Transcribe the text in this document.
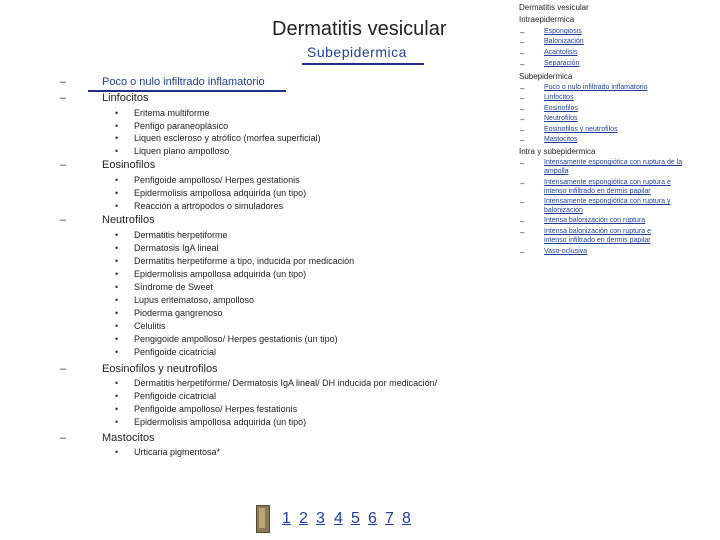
Dermatitis vesicular
Subepidermica
–	Poco o nulo infiltrado inflamatorio
–	Linfocitos
• Eritema multiforme
• Penfigo paraneoplásico
• Liquen escleroso y atrófico (morfea superficial)
• Liquen plano ampolloso
–	Eosinofilos
• Penfigoide ampolloso/ Herpes gestationis
• Epidermolisis ampollosa adquirida (un tipo)
• Reacción a artrópodos o simuladores
–	Neutrofilos
• Dermatitis herpetiforme
• Dermatosis IgA lineal
• Dermatitis herpetiforme a tipo, inducida por medicación
• Epidermolisis ampollosa adquirida (un tipo)
• Síndrome de Sweet
• Lupus eritematoso, ampolloso
• Pioderma gangrenoso
• Celulitis
• Pengigoide ampolloso/ Herpes gestationis (un tipo)
• Penfigoide cicatricial
–	Eosinofilos y neutrofilos
• Dermatitis herpetiforme/ Dermatosis IgA lineal/ DH inducida por medicación/
• Penfigoide cicatricial
• Penfigoide ampolloso/ Herpes festationis
• Epidermolisis ampollosa adquirida (un tipo)
–	Mastocitos
• Urticaria pigmentosa*
Dermatitis vesicular
Intraepidermica
–	Espongiosis
–	Balonización
–	Acantolisis
–	Separación
Subepidermica
–	Poco o nulo infiltrado inflamatorio
–	Linfocitos
–	Eosinofilos
–	Neutrofilos
–	Eosinofilos y neutrofilos
–	Mastocitos
Intra y subepidermica
–	Intensamente espongiótica con ruptura de la
ampolla
–	Intensamente espongiótica con ruptura e
intenso infiltrado en dermis papilar
–	Intensamente espongiótica con ruptura y
balonización
–	Intensa balonización con ruptura
–	Intensa balonización con ruptura e
intenso infiltrado en dermis papilar
–	Vaso-oclusiva
1 2 3 4 5 6 7 8
